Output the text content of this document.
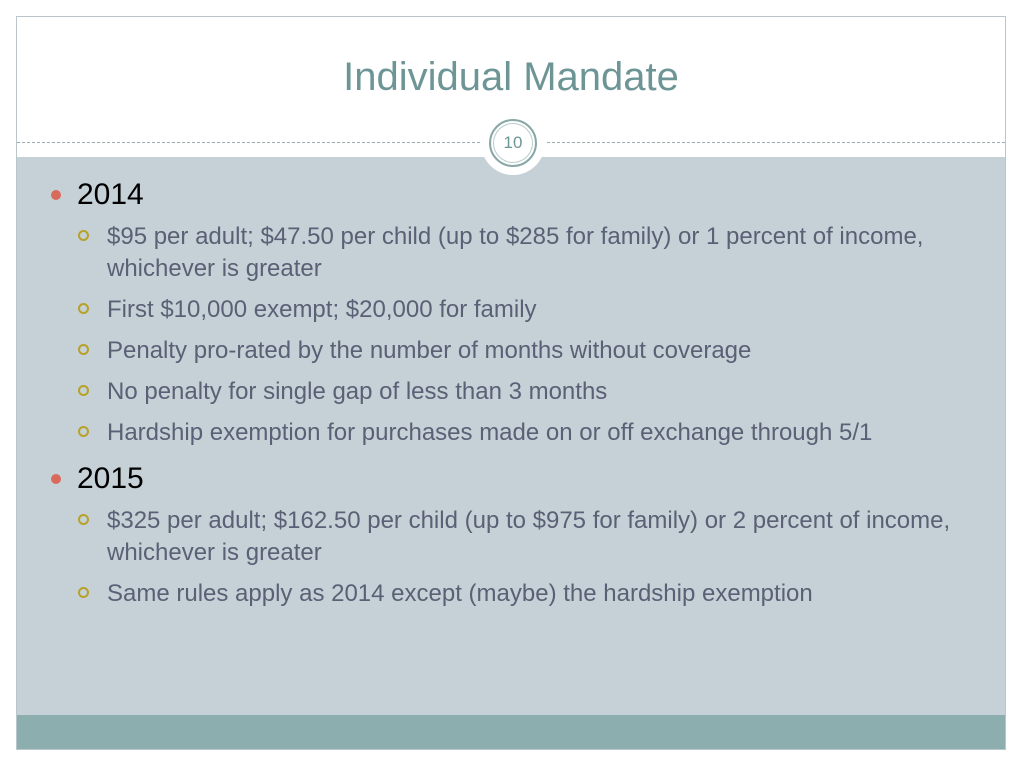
Individual Mandate
10
2014
$95 per adult; $47.50 per child (up to $285 for family) or 1 percent of income, whichever is greater
First $10,000 exempt; $20,000 for family
Penalty pro-rated by the number of months without coverage
No penalty for single gap of less than 3 months
Hardship exemption for purchases made on or off exchange through 5/1
2015
$325 per adult; $162.50 per child (up to $975 for family) or 2 percent of income, whichever is greater
Same rules apply as 2014 except (maybe) the hardship exemption
